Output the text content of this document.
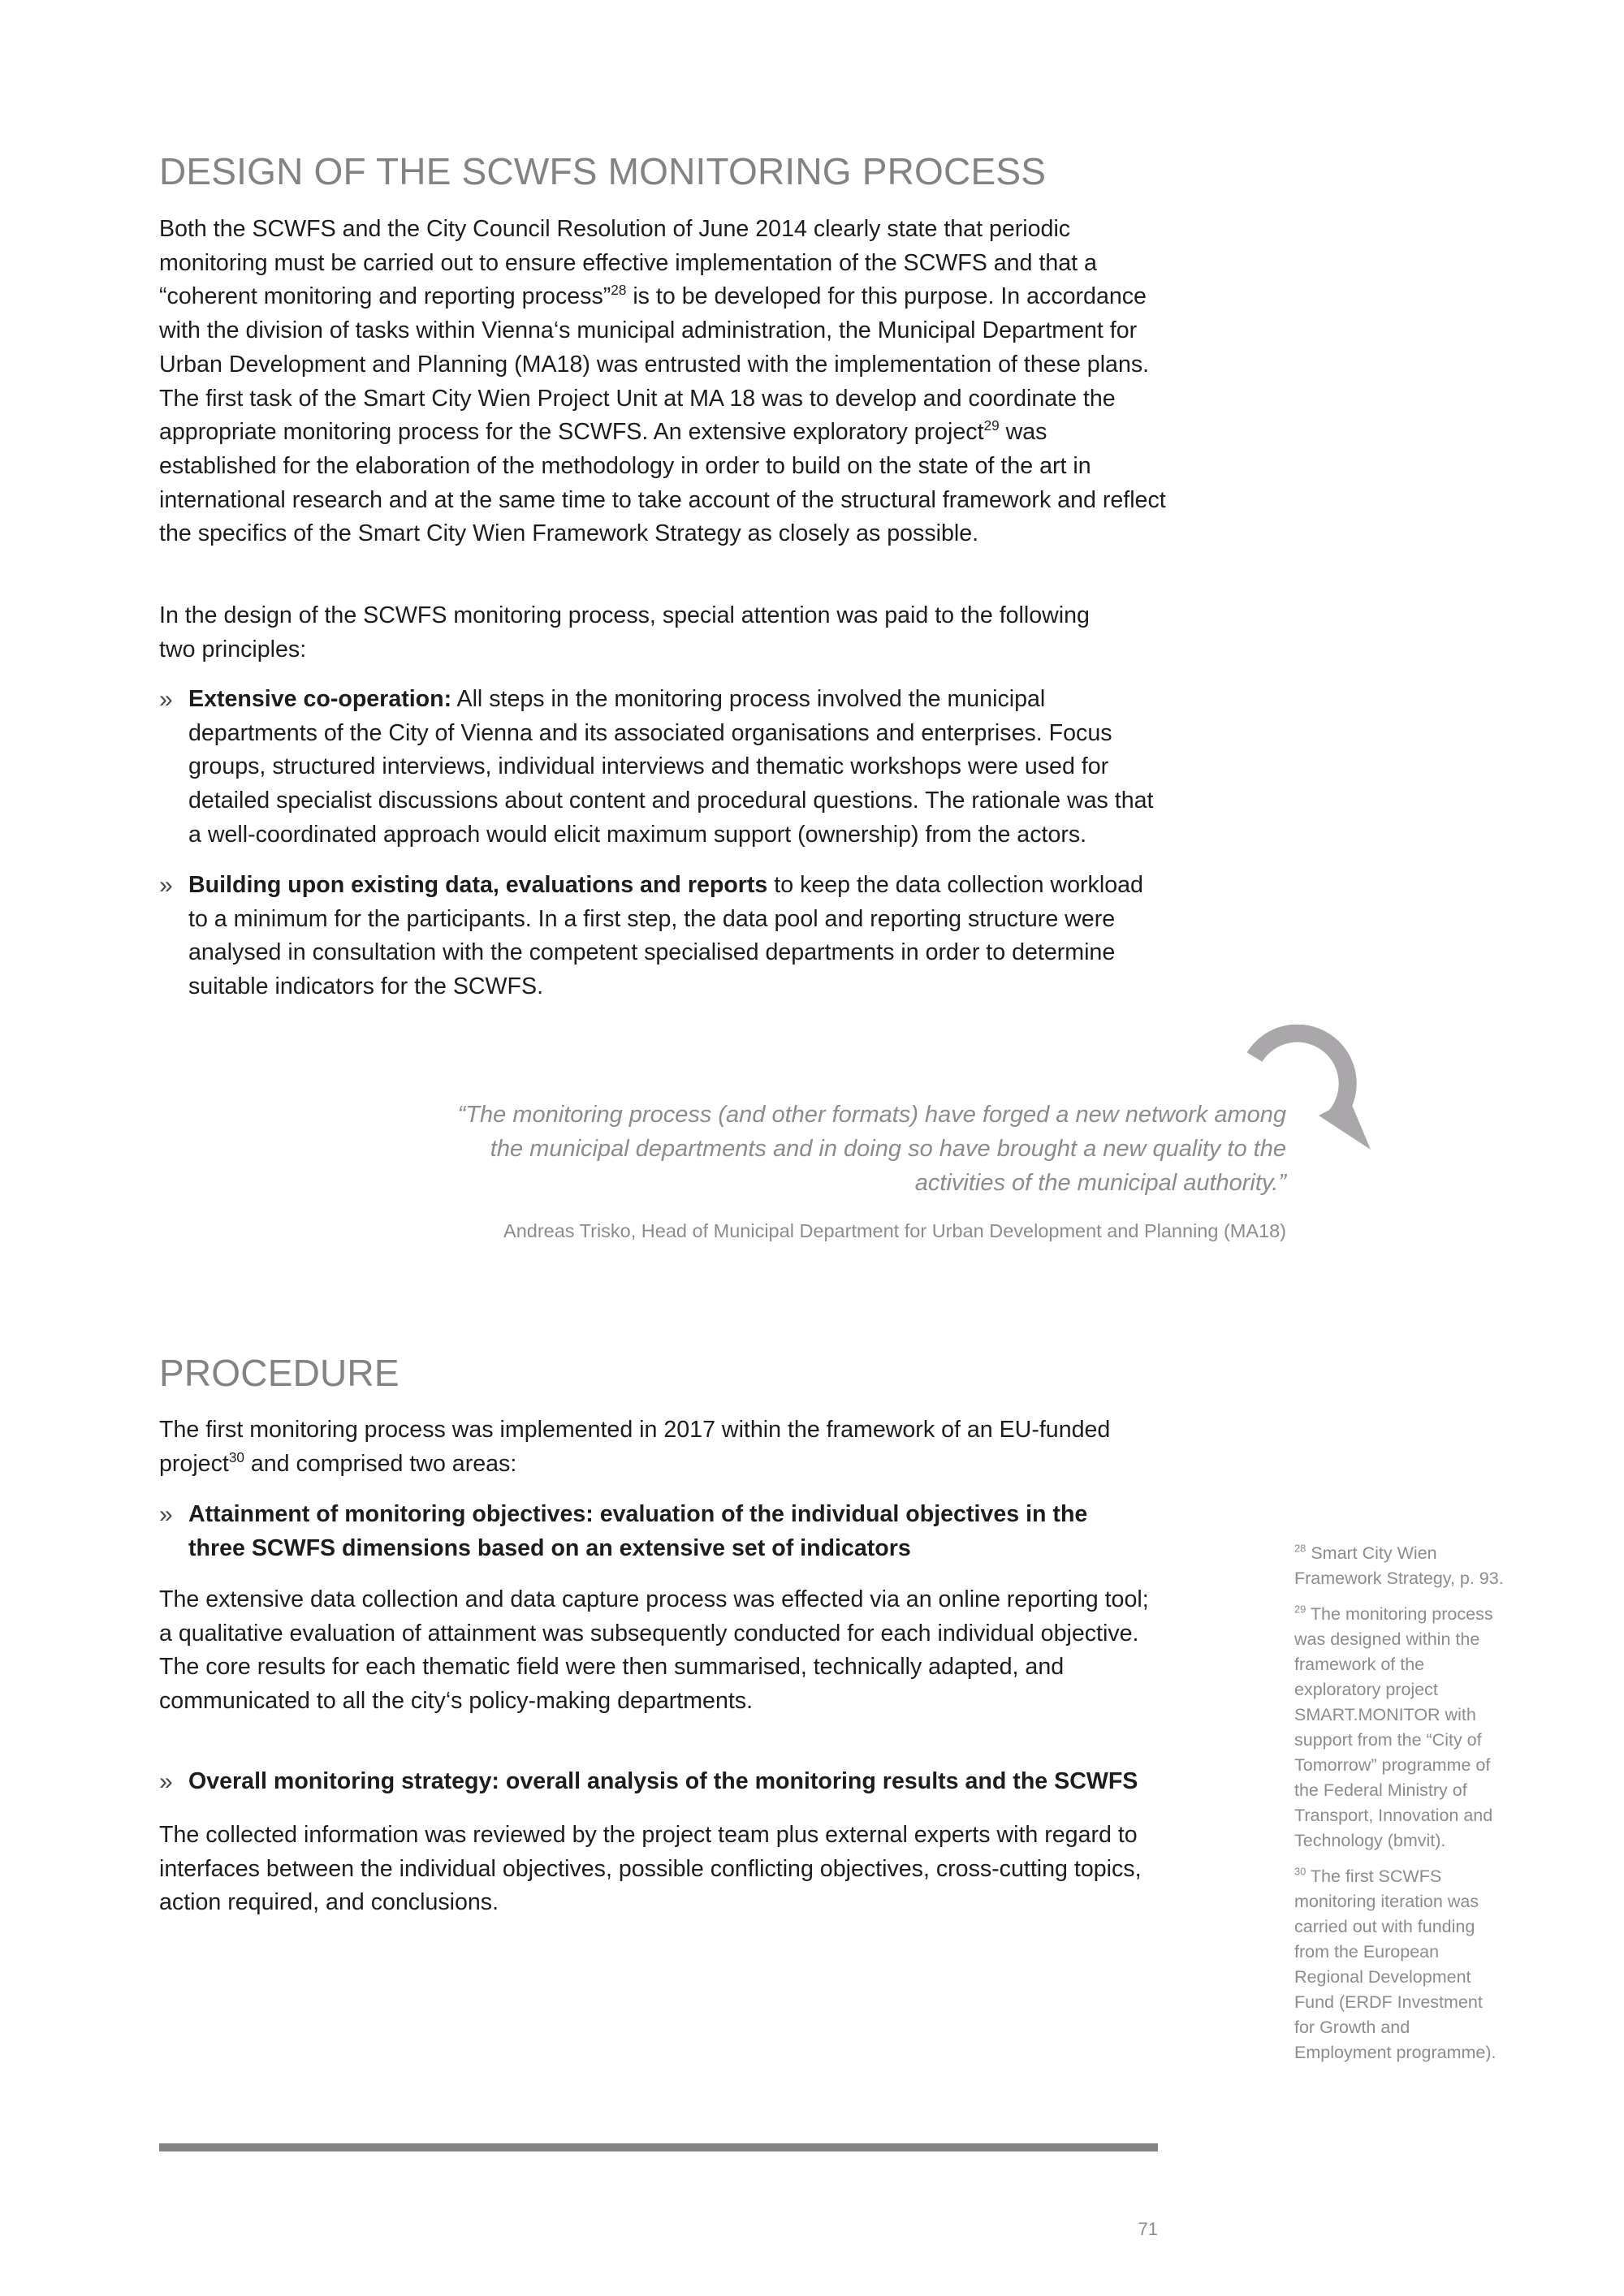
DESIGN OF THE SCWFS MONITORING PROCESS

Both the SCWFS and the City Council Resolution of June 2014 clearly state that periodic monitoring must be carried out to ensure effective implementation of the SCWFS and that a “coherent monitoring and reporting process”$^{28}$ is to be developed for this purpose. In accordance with the division of tasks within Vienna‘s municipal administration, the Municipal Department for Urban Development and Planning (MA18) was entrusted with the implementation of these plans. The first task of the Smart City Wien Project Unit at MA 18 was to develop and coordinate the appropriate monitoring process for the SCWFS. An extensive exploratory project$^{29}$ was established for the elaboration of the methodology in order to build on the state of the art in international research and at the same time to take account of the structural framework and reflect the specifics of the Smart City Wien Framework Strategy as closely as possible.

In the design of the SCWFS monitoring process, special attention was paid to the following two principles:

» Extensive co-operation: All steps in the monitoring process involved the municipal departments of the City of Vienna and its associated organisations and enterprises. Focus groups, structured interviews, individual interviews and thematic workshops were used for detailed specialist discussions about content and procedural questions. The rationale was that a well-coordinated approach would elicit maximum support (ownership) from the actors.

» Building upon existing data, evaluations and reports to keep the data collection workload to a minimum for the participants. In a first step, the data pool and reporting structure were analysed in consultation with the competent specialised departments in order to determine suitable indicators for the SCWFS.

“The monitoring process (and other formats) have forged a new network among the municipal departments and in doing so have brought a new quality to the activities of the municipal authority.”

Andreas Trisko, Head of Municipal Department for Urban Development and Planning (MA18)

PROCEDURE

The first monitoring process was implemented in 2017 within the framework of an EU-funded project$^{30}$ and comprised two areas:

» Attainment of monitoring objectives: evaluation of the individual objectives in the three SCWFS dimensions based on an extensive set of indicators

The extensive data collection and data capture process was effected via an online reporting tool; a qualitative evaluation of attainment was subsequently conducted for each individual objective. The core results for each thematic field were then summarised, technically adapted, and communicated to all the city‘s policy-making departments.

» Overall monitoring strategy: overall analysis of the monitoring results and the SCWFS

The collected information was reviewed by the project team plus external experts with regard to interfaces between the individual objectives, possible conflicting objectives, cross-cutting topics, action required, and conclusions.

$^{28}$ Smart City Wien Framework Strategy, p. 93.

$^{29}$ The monitoring process was designed within the framework of the exploratory project SMART.MONITOR with support from the “City of Tomorrow” programme of the Federal Ministry of Transport, Innovation and Technology (bmvit).

$^{30}$ The first SCWFS monitoring iteration was carried out with funding from the European Regional Development Fund (ERDF Investment for Growth and Employment programme).

71
